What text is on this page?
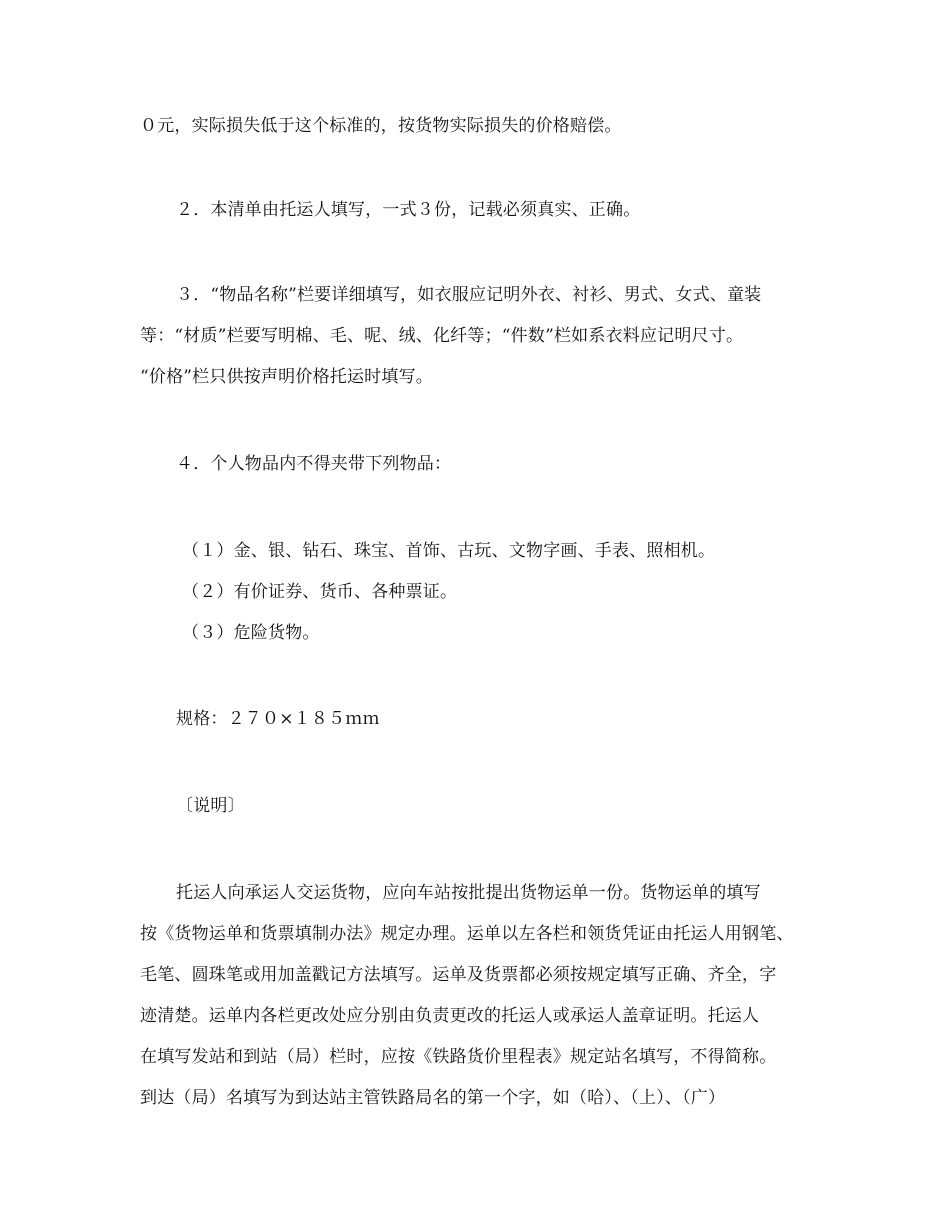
０元，实际损失低于这个标准的，按货物实际损失的价格赔偿。
２．本清单由托运人填写，一式３份，记载必须真实、正确。
３．“物品名称”栏要详细填写，如衣服应记明外衣、衬衫、男式、女式、童装
等：“材质”栏要写明棉、毛、呢、绒、化纤等；“件数”栏如系衣料应记明尺寸。
“价格”栏只供按声明价格托运时填写。
４．个人物品内不得夹带下列物品：
（１）金、银、钻石、珠宝、首饰、古玩、文物字画、手表、照相机。
（２）有价证券、货币、各种票证。
（３）危险货物。
规格：２７０×１８５ｍｍ
〔说明〕
托运人向承运人交运货物，应向车站按批提出货物运单一份。货物运单的填写
按《货物运单和货票填制办法》规定办理。运单以左各栏和领货凭证由托运人用钢笔、
毛笔、圆珠笔或用加盖戳记方法填写。运单及货票都必须按规定填写正确、齐全，字
迹清楚。运单内各栏更改处应分别由负责更改的托运人或承运人盖章证明。托运人
在填写发站和到站（局）栏时，应按《铁路货价里程表》规定站名填写，不得简称。
到达（局）名填写为到达站主管铁路局名的第一个字，如（哈）、（上）、（广）
